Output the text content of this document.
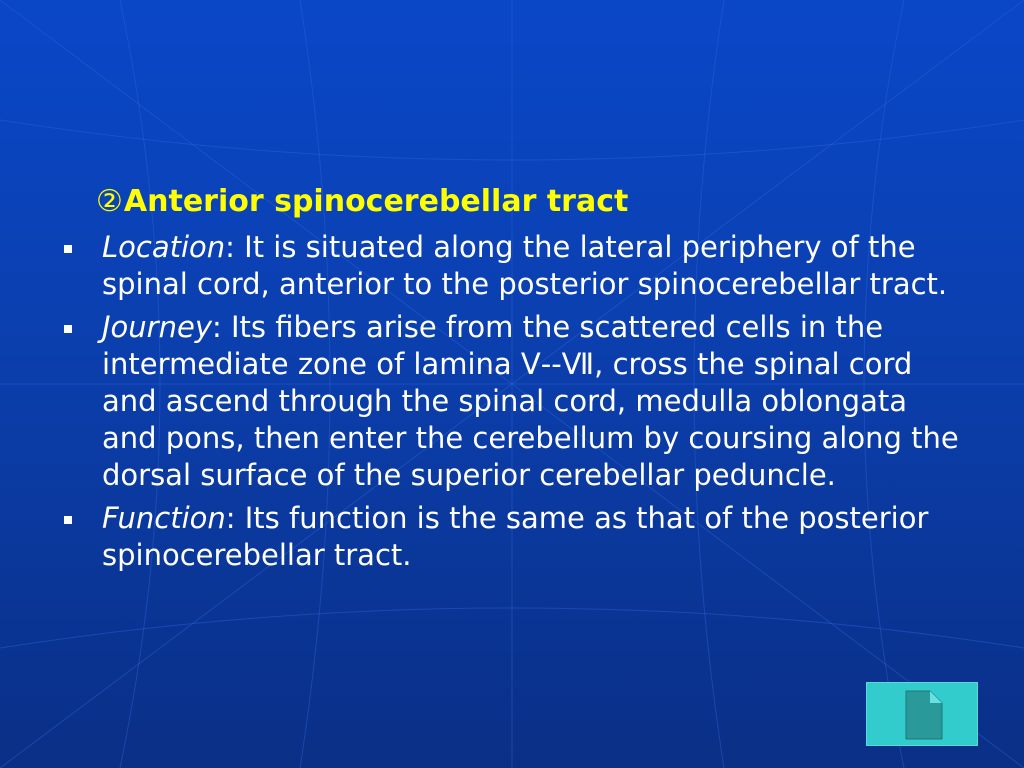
②Anterior spinocerebellar tract
Location: It is situated along the lateral periphery of the spinal cord, anterior to the posterior spinocerebellar tract.
Journey: Its fibers arise from the scattered cells in the intermediate zone of lamina Ⅴ--Ⅶ, cross the spinal cord and ascend through the spinal cord, medulla oblongata and pons, then enter the cerebellum by coursing along the dorsal surface of the superior cerebellar peduncle.
Function: Its function is the same as that of the posterior spinocerebellar tract.
